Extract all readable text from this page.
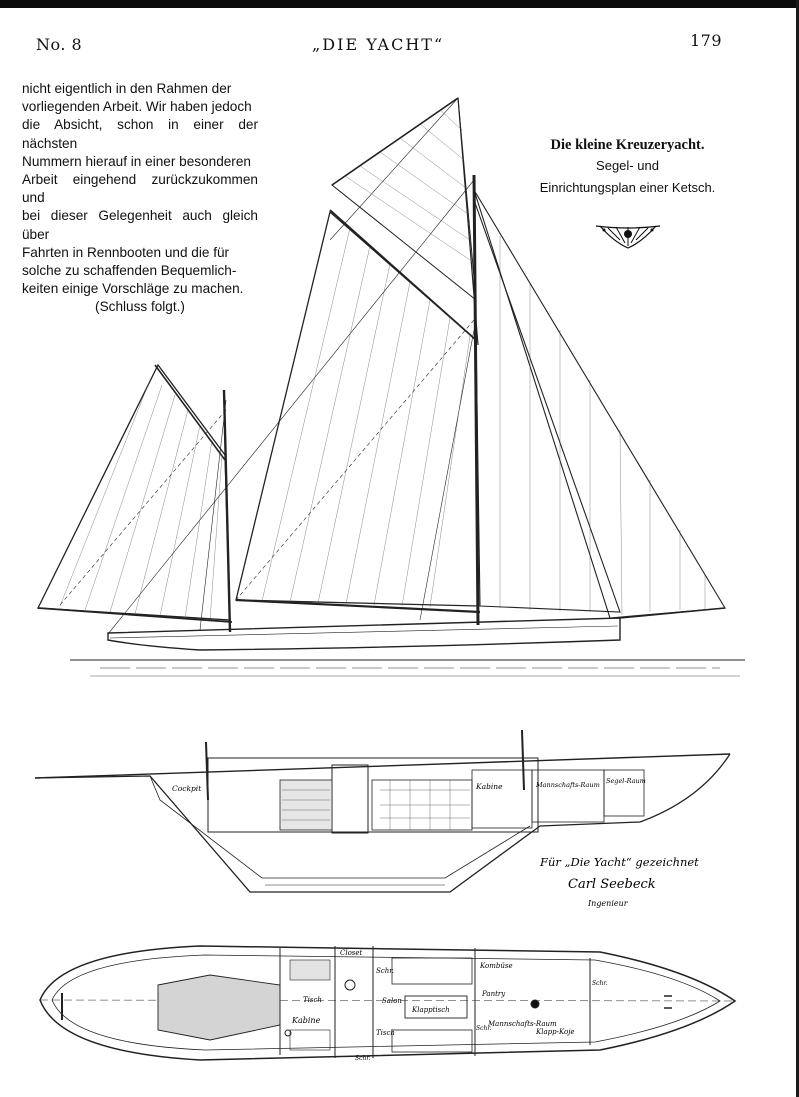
No. 8	„DIE YACHT“	179

nicht eigentlich in den Rahmen der

vorliegenden Arbeit. Wir haben jedoch

die Absicht, schon in einer der nächsten

Nummern hierauf in einer besonderen

Arbeit eingehend zurückzukommen und

bei dieser Gelegenheit auch gleich über

Fahrten in Rennbooten und die für

solche zu schaffenden Bequemlich-

keiten einige Vorschläge zu machen.

(Schluss folgt.)

Die kleine Kreuzeryacht.
Segel- und
Einrichtungsplan einer Ketsch.
Cockpit	Kabine	Mannschafts-Raum Segel-Raum
Für „Die Yacht“ gezeichnet
Carl Seebeck
Ingenieur
Closet
Schr.
Kombüse
Tisch	Salon
Pantry
Kabine
Klapptisch
Mannschafts-Raum
Klapp-Koje
Tisch
Schr.
Schr.
Schr.
